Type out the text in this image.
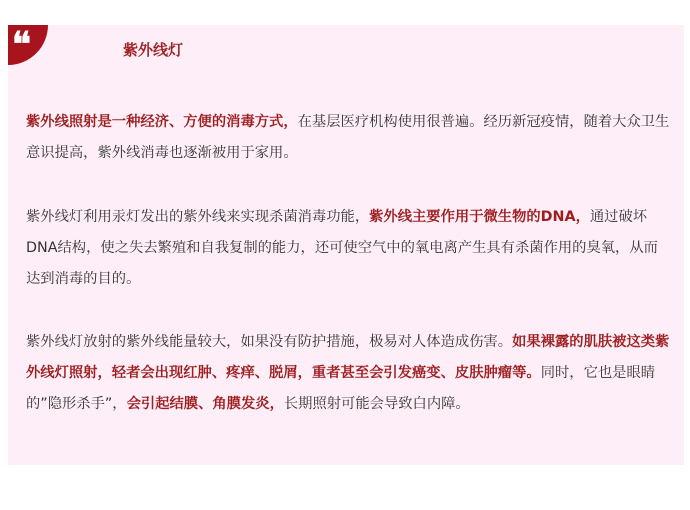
❛❛	紫外线灯

紫外线照射是一种经济、方便的消毒方式，在基层医疗机构使用很普遍。经历新冠疫情，随着大众卫生意识提高，紫外线消毒也逐渐被用于家用。

紫外线灯利用汞灯发出的紫外线来实现杀菌消毒功能，紫外线主要作用于微生物的DNA，通过破坏DNA结构，使之失去繁殖和自我复制的能力，还可使空气中的氧电离产生具有杀菌作用的臭氧，从而达到消毒的目的。

紫外线灯放射的紫外线能量较大，如果没有防护措施，极易对人体造成伤害。如果裸露的肌肤被这类紫外线灯照射，轻者会出现红肿、疼痒、脱屑，重者甚至会引发癌变、皮肤肿瘤等。同时，它也是眼睛的”隐形杀手”，会引起结膜、角膜发炎，长期照射可能会导致白内障。
